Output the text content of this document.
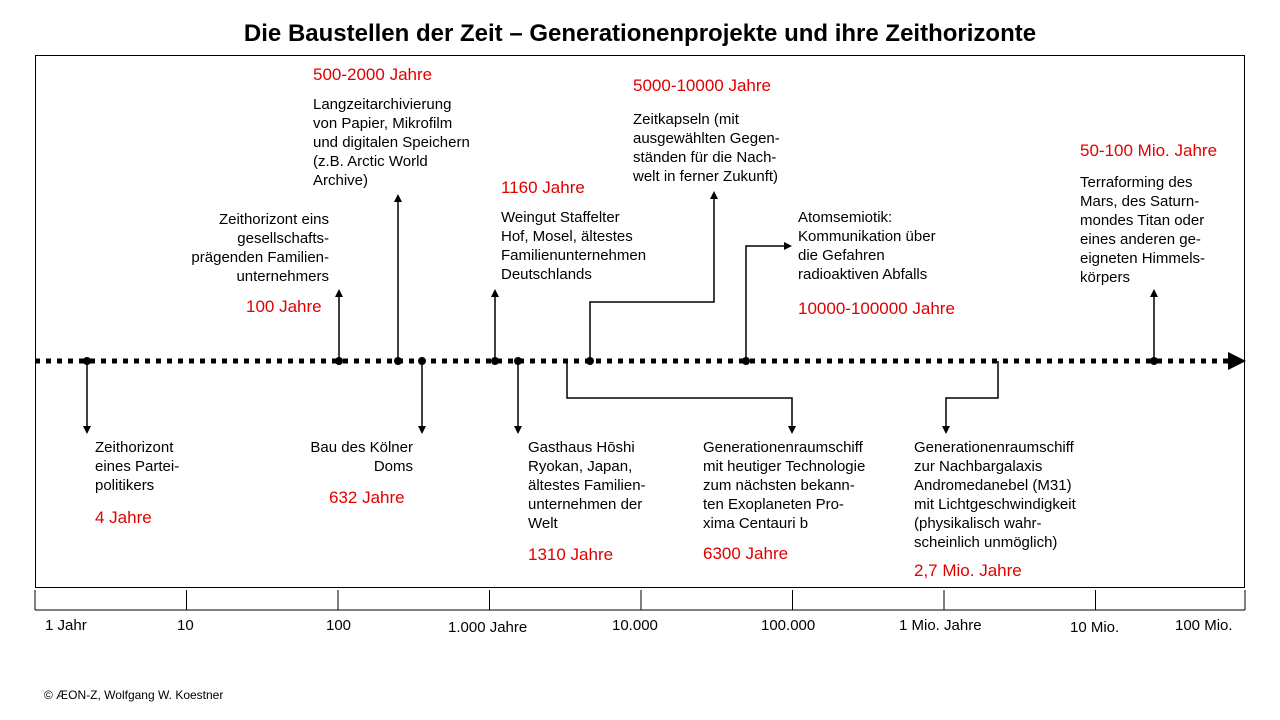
Die Baustellen der Zeit – Generationenprojekte und ihre Zeithorizonte
Zeithorizont
eines Partei-
politikers
4 Jahre
Zeithorizont eins
gesellschafts-
prägenden Familien-
unternehmers
100 Jahre
500-2000 Jahre
Langzeitarchivierung
von Papier, Mikrofilm
und digitalen Speichern
(z.B. Arctic World
Archive)
Bau des Kölner
Doms
632 Jahre
1160 Jahre
Weingut Staffelter
Hof, Mosel, ältestes
Familienunternehmen
Deutschlands
Gasthaus Hōshi
Ryokan, Japan,
ältestes Familien-
unternehmen der
Welt
1310 Jahre
5000-10000 Jahre
Zeitkapseln (mit
ausgewählten Gegen-
ständen für die Nach-
welt in ferner Zukunft)
Generationenraumschiff
mit heutiger Technologie
zum nächsten bekann-
ten Exoplaneten Pro-
xima Centauri b
6300 Jahre
Atomsemiotik:
Kommunikation über
die Gefahren
radioaktiven Abfalls
10000-100000 Jahre
Generationenraumschiff
zur Nachbargalaxis
Andromedanebel (M31)
mit Lichtgeschwindigkeit
(physikalisch wahr-
scheinlich unmöglich)
2,7 Mio. Jahre
50-100 Mio. Jahre
Terraforming des
Mars, des Saturn-
mondes Titan oder
eines anderen ge-
eigneten Himmels-
körpers
1 Jahr	10	100	1.000 Jahre	10.000	100.000	1 Mio. Jahre	10 Mio.	100 Mio.
© ÆON-Z, Wolfgang W. Koestner
